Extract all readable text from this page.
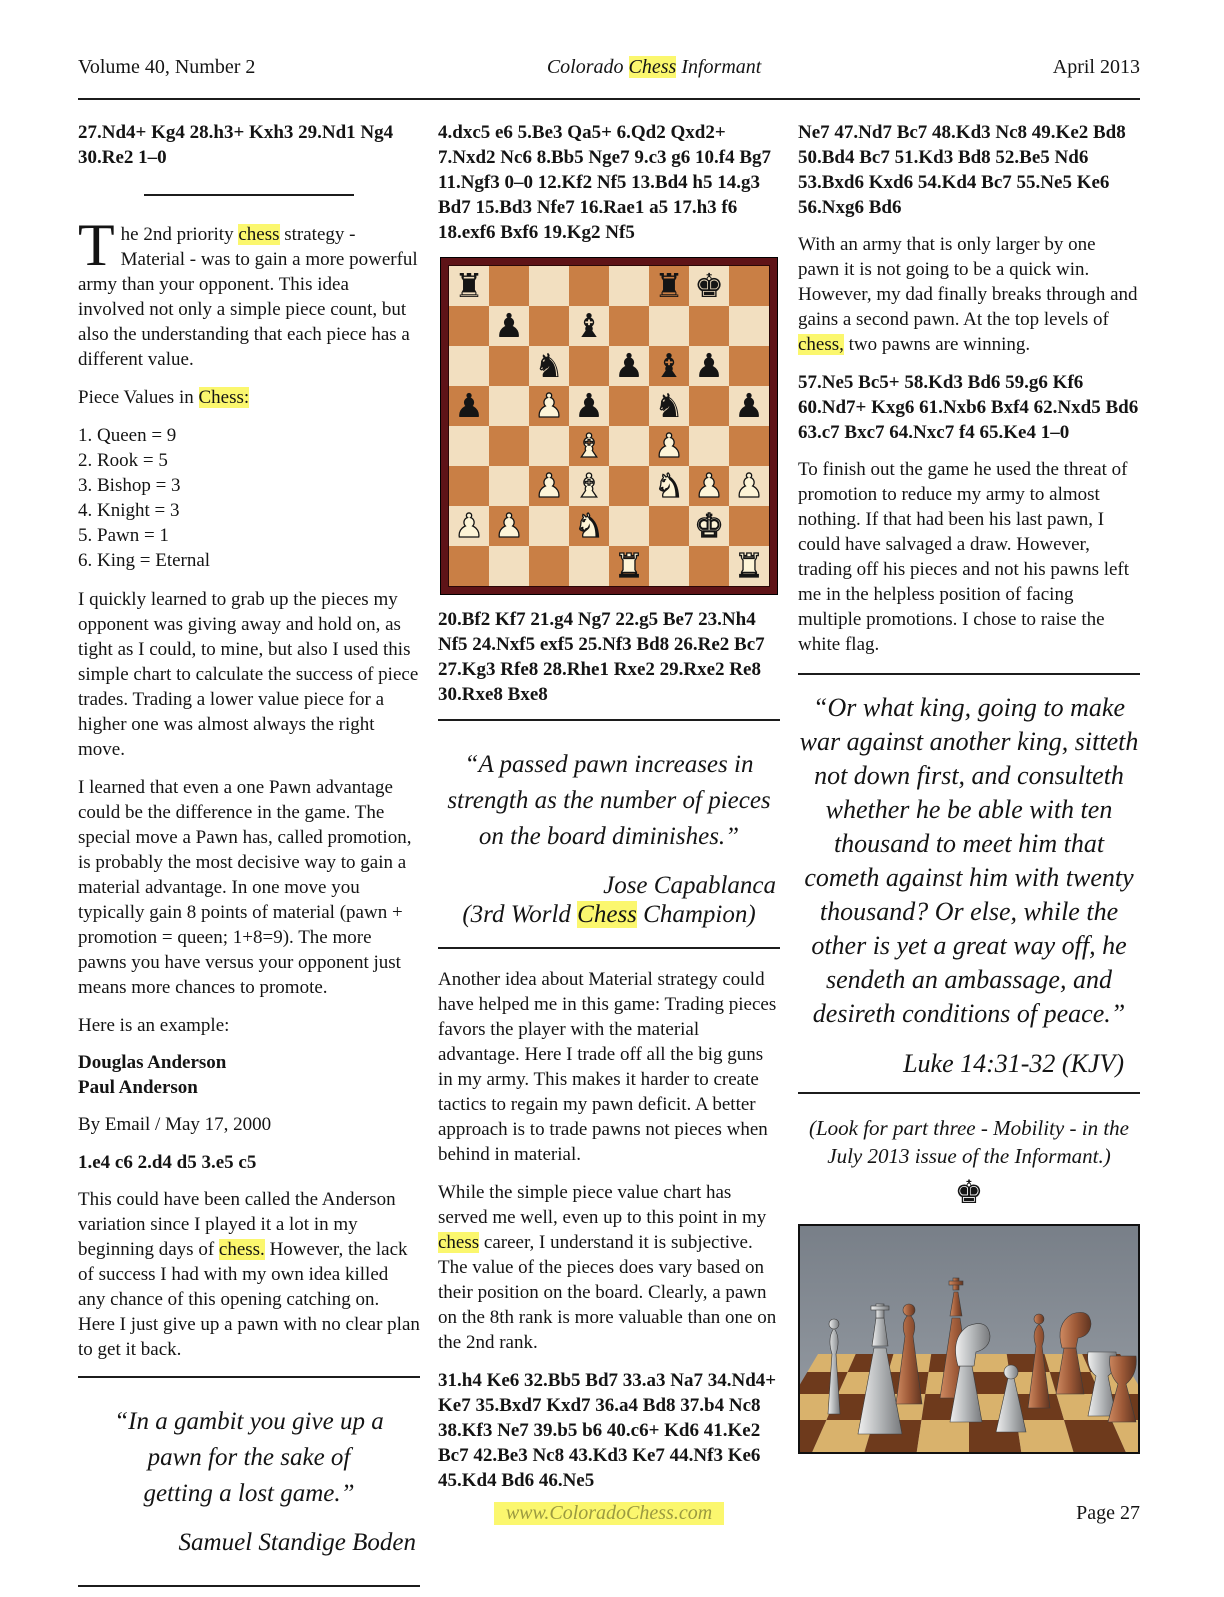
Volume 40, Number 2	Colorado Chess Informant	April 2013

27.Nd4+ Kg4 28.h3+ Kxh3 29.Nd1 Ng4 30.Re2 1–0

The 2nd priority chess strategy - Material - was to gain a more powerful army than your opponent. This idea involved not only a simple piece count, but also the understanding that each piece has a different value.

Piece Values in Chess:

1. Queen = 9
2. Rook = 5
3. Bishop = 3
4. Knight = 3
5. Pawn = 1
6. King = Eternal

I quickly learned to grab up the pieces my opponent was giving away and hold on, as tight as I could, to mine, but also I used this simple chart to calculate the success of piece trades. Trading a lower value piece for a higher one was almost always the right move.

I learned that even a one Pawn advantage could be the difference in the game. The special move a Pawn has, called promotion, is probably the most decisive way to gain a material advantage. In one move you typically gain 8 points of material (pawn + promotion = queen; 1+8=9). The more pawns you have versus your opponent just means more chances to promote.

Here is an example:

Douglas Anderson
Paul Anderson

By Email / May 17, 2000

1.e4 c6 2.d4 d5 3.e5 c5

This could have been called the Anderson variation since I played it a lot in my beginning days of chess. However, the lack of success I had with my own idea killed any chance of this opening catching on. Here I just give up a pawn with no clear plan to get it back.

“In a gambit you give up a pawn for the sake of getting a lost game.”
Samuel Standige Boden

4.dxc5 e6 5.Be3 Qa5+ 6.Qd2 Qxd2+ 7.Nxd2 Nc6 8.Bb5 Nge7 9.c3 g6 10.f4 Bg7 11.Ngf3 0–0 12.Kf2 Nf5 13.Bd4 h5 14.g3 Bd7 15.Bd3 Nfe7 16.Rae1 a5 17.h3 f6 18.exf6 Bxf6 19.Kg2 Nf5

♜	♜ ♚
♟ ♝
♞ ♟ ♝ ♟
♟ ♟ ♟ ♞ ♟
♝ ♟
♟ ♝ ♞ ♟ ♟
♟ ♟ ♞	♚
♜	♜

20.Bf2 Kf7 21.g4 Ng7 22.g5 Be7 23.Nh4 Nf5 24.Nxf5 exf5 25.Nf3 Bd8 26.Re2 Bc7 27.Kg3 Rfe8 28.Rhe1 Rxe2 29.Rxe2 Re8 30.Rxe8 Bxe8

“A passed pawn increases in strength as the number of pieces on the board diminishes.”
Jose Capablanca
(3rd World Chess Champion)

Another idea about Material strategy could have helped me in this game: Trading pieces favors the player with the material advantage. Here I trade off all the big guns in my army. This makes it harder to create tactics to regain my pawn deficit. A better approach is to trade pawns not pieces when behind in material.

While the simple piece value chart has served me well, even up to this point in my chess career, I understand it is subjective. The value of the pieces does vary based on their position on the board. Clearly, a pawn on the 8th rank is more valuable than one on the 2nd rank.

31.h4 Ke6 32.Bb5 Bd7 33.a3 Na7 34.Nd4+ Ke7 35.Bxd7 Kxd7 36.a4 Bd8 37.b4 Nc8 38.Kf3 Ne7 39.b5 b6 40.c6+ Kd6 41.Ke2 Bc7 42.Be3 Nc8 43.Kd3 Ke7 44.Nf3 Ke6 45.Kd4 Bd6 46.Ne5

Ne7 47.Nd7 Bc7 48.Kd3 Nc8 49.Ke2 Bd8 50.Bd4 Bc7 51.Kd3 Bd8 52.Be5 Nd6 53.Bxd6 Kxd6 54.Kd4 Bc7 55.Ne5 Ke6 56.Nxg6 Bd6

With an army that is only larger by one pawn it is not going to be a quick win. However, my dad finally breaks through and gains a second pawn. At the top levels of chess, two pawns are winning.

57.Ne5 Bc5+ 58.Kd3 Bd6 59.g6 Kf6 60.Nd7+ Kxg6 61.Nxb6 Bxf4 62.Nxd5 Bd6 63.c7 Bxc7 64.Nxc7 f4 65.Ke4 1–0

To finish out the game he used the threat of promotion to reduce my army to almost nothing. If that had been his last pawn, I could have salvaged a draw. However, trading off his pieces and not his pawns left me in the helpless position of facing multiple promotions. I chose to raise the white flag.

“Or what king, going to make war against another king, sitteth not down first, and consulteth whether he be able with ten thousand to meet him that cometh against him with twenty thousand? Or else, while the other is yet a great way off, he sendeth an ambassage, and desireth conditions of peace.”
Luke 14:31-32 (KJV)
(Look for part three - Mobility - in the July 2013 issue of the Informant.)
♚
www.ColoradoChess.com	Page 27
